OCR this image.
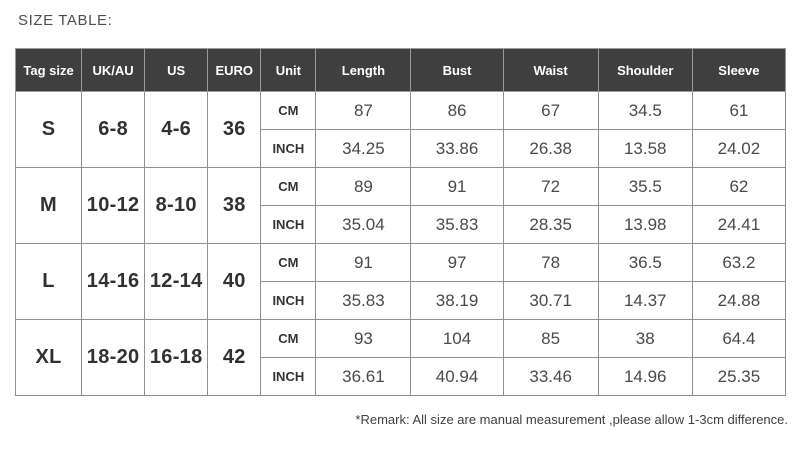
SIZE TABLE:
Tag size	UK/AU	US	EURO	Unit	Length	Bust	Waist	Shoulder	Sleeve
S	6-8	4-6	36	CM	87	86	67	34.5	61
				INCH	34.25	33.86	26.38	13.58	24.02
M	10-12	8-10	38	CM	89	91	72	35.5	62
				INCH	35.04	35.83	28.35	13.98	24.41
L	14-16	12-14	40	CM	91	97	78	36.5	63.2
				INCH	35.83	38.19	30.71	14.37	24.88
XL	18-20	16-18	42	CM	93	104	85	38	64.4
				INCH	36.61	40.94	33.46	14.96	25.35
*Remark: All size are manual measurement ,please allow 1-3cm difference.
